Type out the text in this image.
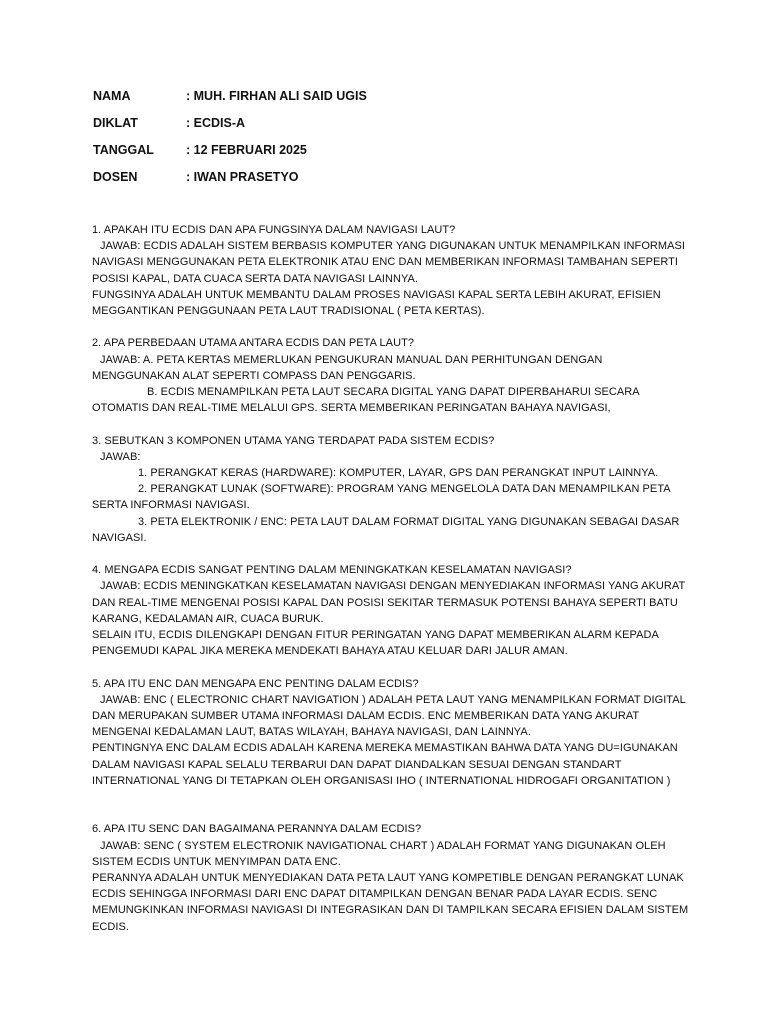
NAMA	: MUH. FIRHAN ALI SAID UGIS
DIKLAT	: ECDIS-A
TANGGAL	: 12 FEBRUARI 2025
DOSEN	: IWAN PRASETYO
1. APAKAH ITU ECDIS DAN APA FUNGSINYA DALAM NAVIGASI LAUT?
JAWAB: ECDIS ADALAH SISTEM BERBASIS KOMPUTER YANG DIGUNAKAN UNTUK MENAMPILKAN INFORMASI
NAVIGASI MENGGUNAKAN PETA ELEKTRONIK ATAU ENC DAN MEMBERIKAN INFORMASI TAMBAHAN SEPERTI
POSISI KAPAL, DATA CUACA SERTA DATA NAVIGASI LAINNYA.
FUNGSINYA ADALAH UNTUK MEMBANTU DALAM PROSES NAVIGASI KAPAL SERTA LEBIH AKURAT, EFISIEN
MEGGANTIKAN PENGGUNAAN PETA LAUT TRADISIONAL ( PETA KERTAS).
2. APA PERBEDAAN UTAMA ANTARA ECDIS DAN PETA LAUT?
JAWAB: A. PETA KERTAS MEMERLUKAN PENGUKURAN MANUAL DAN PERHITUNGAN DENGAN
MENGGUNAKAN ALAT SEPERTI COMPASS DAN PENGGARIS.
B. ECDIS MENAMPILKAN PETA LAUT SECARA DIGITAL YANG DAPAT DIPERBAHARUI SECARA
OTOMATIS DAN REAL-TIME MELALUI GPS. SERTA MEMBERIKAN PERINGATAN BAHAYA NAVIGASI,
3. SEBUTKAN 3 KOMPONEN UTAMA YANG TERDAPAT PADA SISTEM ECDIS?
JAWAB:
1. PERANGKAT KERAS (HARDWARE): KOMPUTER, LAYAR, GPS DAN PERANGKAT INPUT LAINNYA.
2. PERANGKAT LUNAK (SOFTWARE): PROGRAM YANG MENGELOLA DATA DAN MENAMPILKAN PETA
SERTA INFORMASI NAVIGASI.
3. PETA ELEKTRONIK / ENC: PETA LAUT DALAM FORMAT DIGITAL YANG DIGUNAKAN SEBAGAI DASAR
NAVIGASI.
4. MENGAPA ECDIS SANGAT PENTING DALAM MENINGKATKAN KESELAMATAN NAVIGASI?
JAWAB: ECDIS MENINGKATKAN KESELAMATAN NAVIGASI DENGAN MENYEDIAKAN INFORMASI YANG AKURAT
DAN REAL-TIME MENGENAI POSISI KAPAL DAN POSISI SEKITAR TERMASUK POTENSI BAHAYA SEPERTI BATU
KARANG, KEDALAMAN AIR, CUACA BURUK.
SELAIN ITU, ECDIS DILENGKAPI DENGAN FITUR PERINGATAN YANG DAPAT MEMBERIKAN ALARM KEPADA
PENGEMUDI KAPAL JIKA MEREKA MENDEKATI BAHAYA ATAU KELUAR DARI JALUR AMAN.
5. APA ITU ENC DAN MENGAPA ENC PENTING DALAM ECDIS?
JAWAB: ENC ( ELECTRONIC CHART NAVIGATION ) ADALAH PETA LAUT YANG MENAMPILKAN FORMAT DIGITAL
DAN MERUPAKAN SUMBER UTAMA INFORMASI DALAM ECDIS. ENC MEMBERIKAN DATA YANG AKURAT
MENGENAI KEDALAMAN LAUT, BATAS WILAYAH, BAHAYA NAVIGASI, DAN LAINNYA.
PENTINGNYA ENC DALAM ECDIS ADALAH KARENA MEREKA MEMASTIKAN BAHWA DATA YANG DU=IGUNAKAN
DALAM NAVIGASI KAPAL SELALU TERBARUI DAN DAPAT DIANDALKAN SESUAI DENGAN STANDART
INTERNATIONAL YANG DI TETAPKAN OLEH ORGANISASI IHO ( INTERNATIONAL HIDROGAFI ORGANITATION )
6. APA ITU SENC DAN BAGAIMANA PERANNYA DALAM ECDIS?
JAWAB: SENC ( SYSTEM ELECTRONIK NAVIGATIONAL CHART ) ADALAH FORMAT YANG DIGUNAKAN OLEH
SISTEM ECDIS UNTUK MENYIMPAN DATA ENC.
PERANNYA ADALAH UNTUK MENYEDIAKAN DATA PETA LAUT YANG KOMPETIBLE DENGAN PERANGKAT LUNAK
ECDIS SEHINGGA INFORMASI DARI ENC DAPAT DITAMPILKAN DENGAN BENAR PADA LAYAR ECDIS. SENC
MEMUNGKINKAN INFORMASI NAVIGASI DI INTEGRASIKAN DAN DI TAMPILKAN SECARA EFISIEN DALAM SISTEM
ECDIS.
